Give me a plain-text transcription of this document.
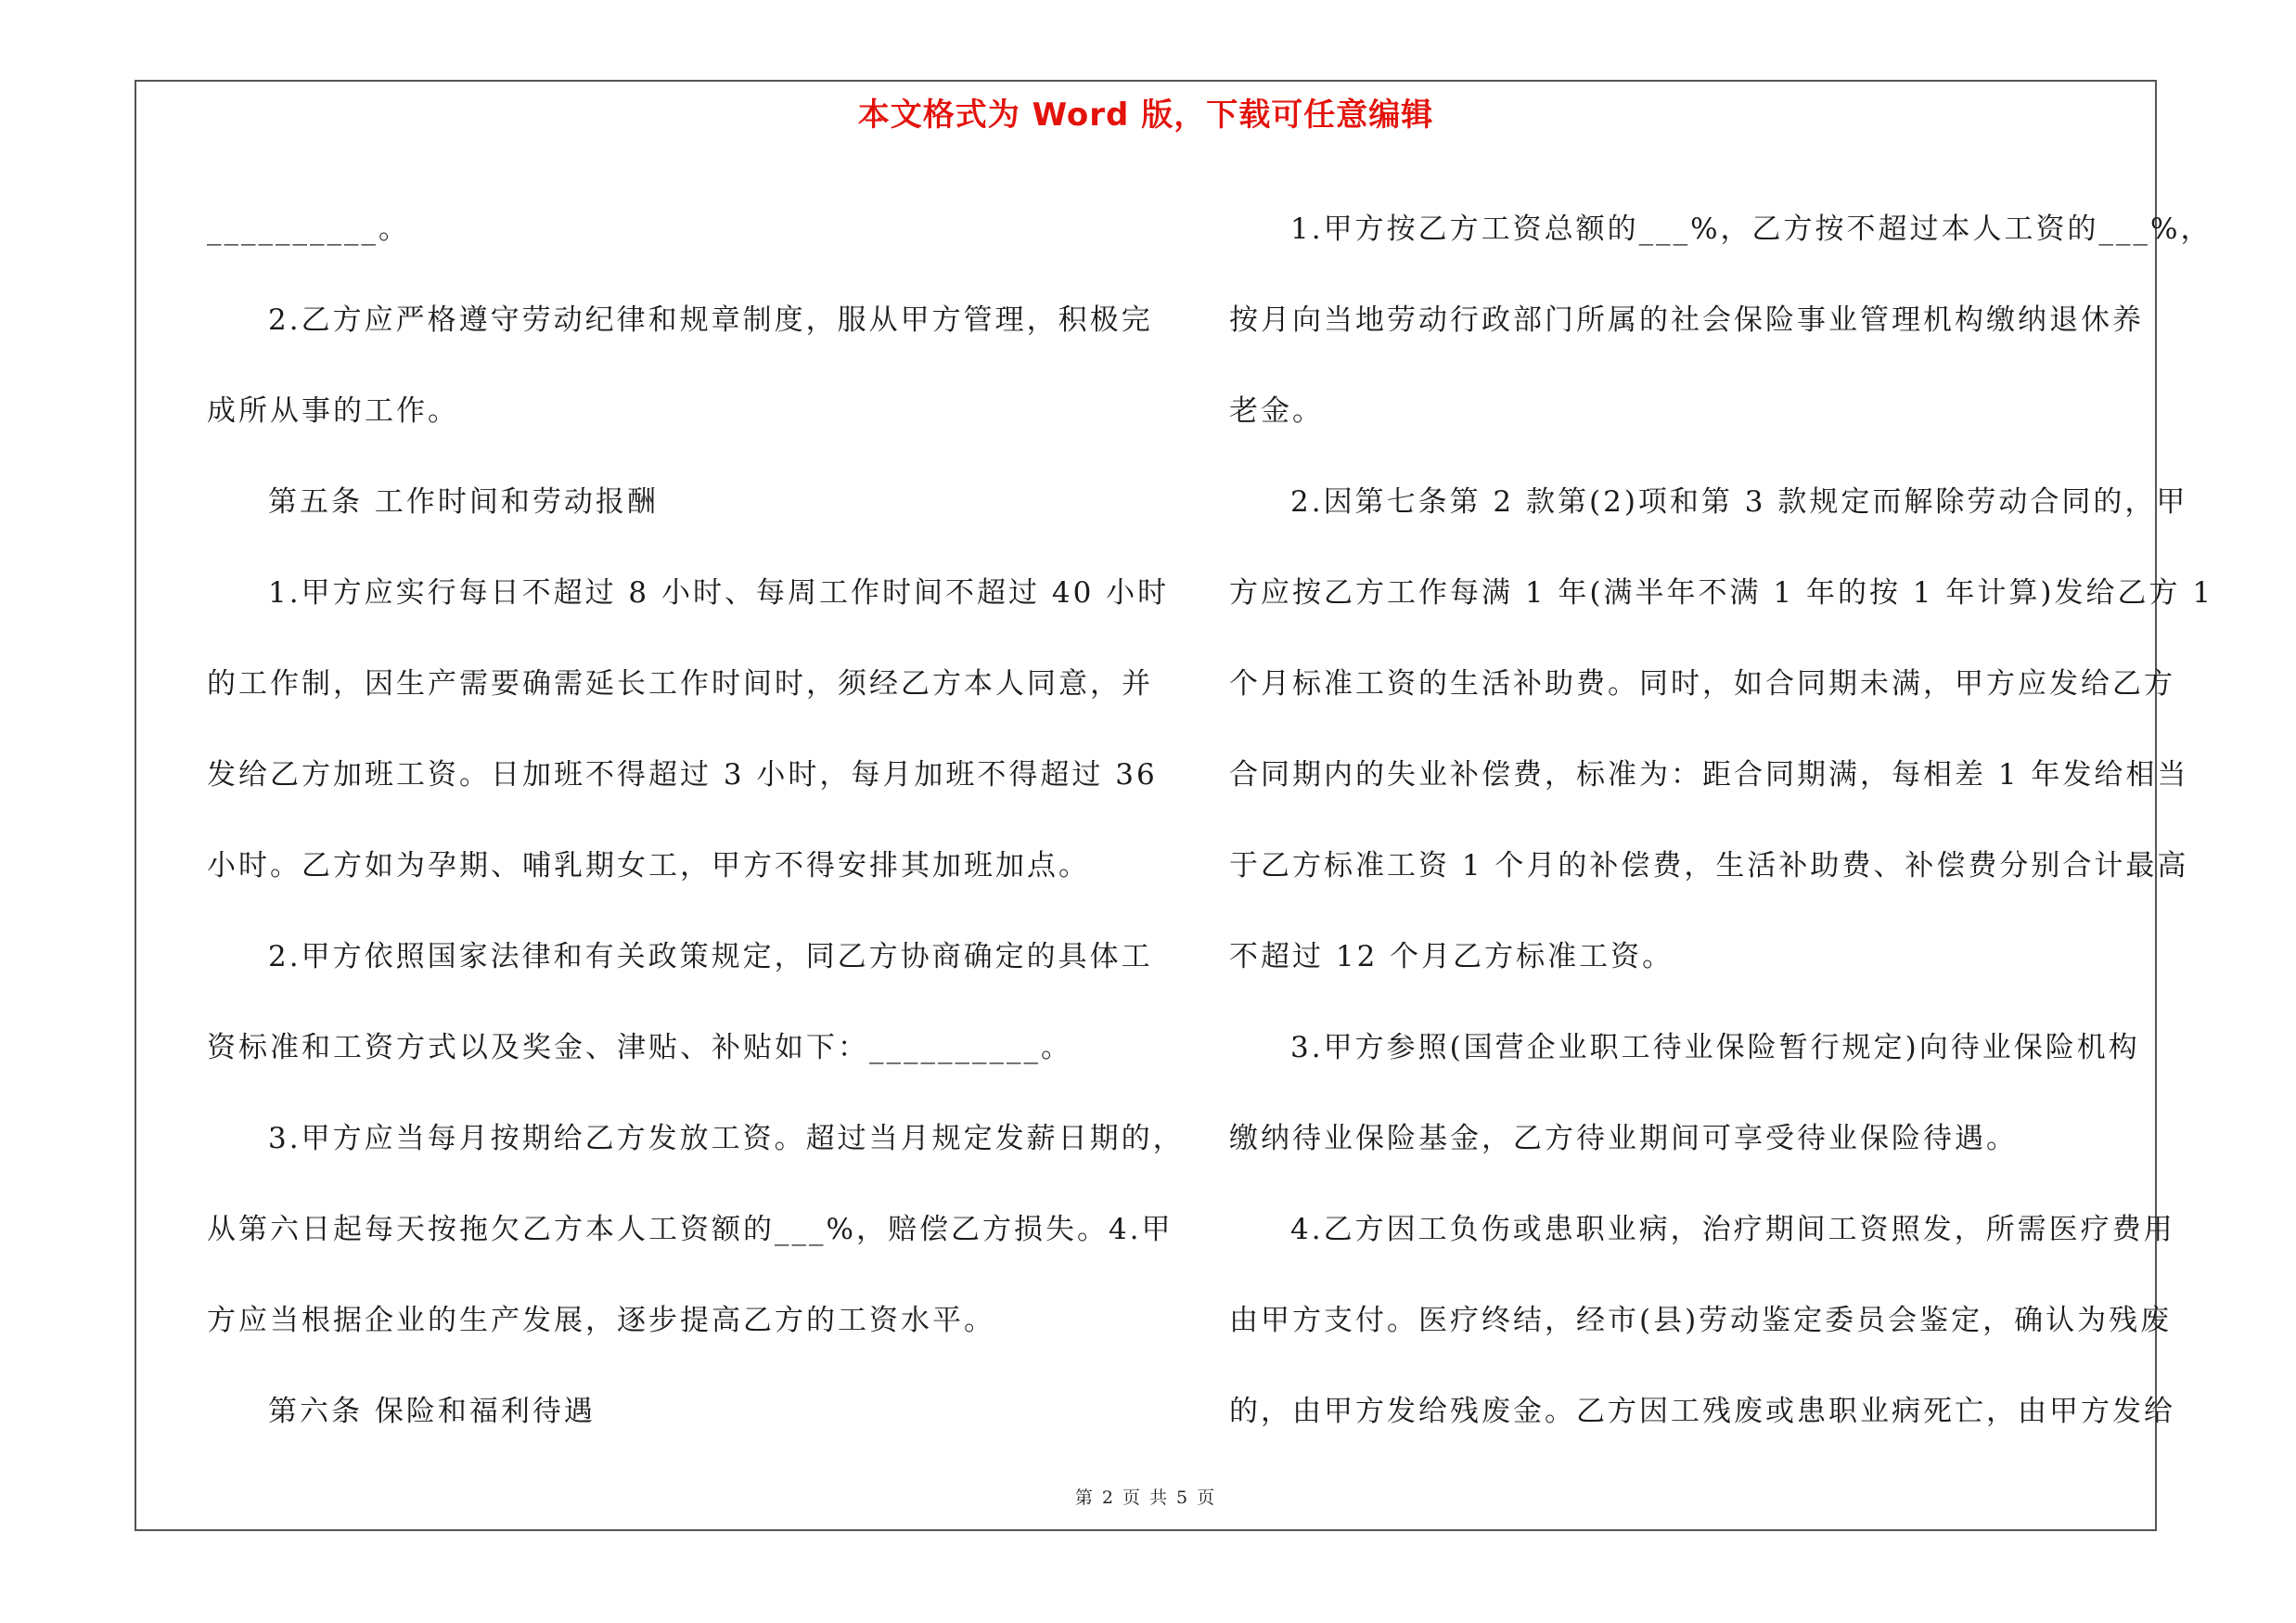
本文格式为 Word 版，下载可任意编辑
__________。
2.乙方应严格遵守劳动纪律和规章制度，服从甲方管理，积极完
成所从事的工作。
第五条 工作时间和劳动报酬
1.甲方应实行每日不超过 8 小时、每周工作时间不超过 40 小时
的工作制，因生产需要确需延长工作时间时，须经乙方本人同意，并
发给乙方加班工资。日加班不得超过 3 小时，每月加班不得超过 36
小时。乙方如为孕期、哺乳期女工，甲方不得安排其加班加点。
2.甲方依照国家法律和有关政策规定，同乙方协商确定的具体工
资标准和工资方式以及奖金、津贴、补贴如下：__________。
3.甲方应当每月按期给乙方发放工资。超过当月规定发薪日期的，
从第六日起每天按拖欠乙方本人工资额的___%，赔偿乙方损失。4.甲
方应当根据企业的生产发展，逐步提高乙方的工资水平。
第六条 保险和福利待遇
1.甲方按乙方工资总额的___%，乙方按不超过本人工资的___%，
按月向当地劳动行政部门所属的社会保险事业管理机构缴纳退休养
老金。
2.因第七条第 2 款第(2)项和第 3 款规定而解除劳动合同的，甲
方应按乙方工作每满 1 年(满半年不满 1 年的按 1 年计算)发给乙方 1
个月标准工资的生活补助费。同时，如合同期未满，甲方应发给乙方
合同期内的失业补偿费，标准为：距合同期满，每相差 1 年发给相当
于乙方标准工资 1 个月的补偿费，生活补助费、补偿费分别合计最高
不超过 12 个月乙方标准工资。
3.甲方参照(国营企业职工待业保险暂行规定)向待业保险机构
缴纳待业保险基金，乙方待业期间可享受待业保险待遇。
4.乙方因工负伤或患职业病，治疗期间工资照发，所需医疗费用
由甲方支付。医疗终结，经市(县)劳动鉴定委员会鉴定，确认为残废
的，由甲方发给残废金。乙方因工残废或患职业病死亡，由甲方发给
第 2 页 共 5 页
